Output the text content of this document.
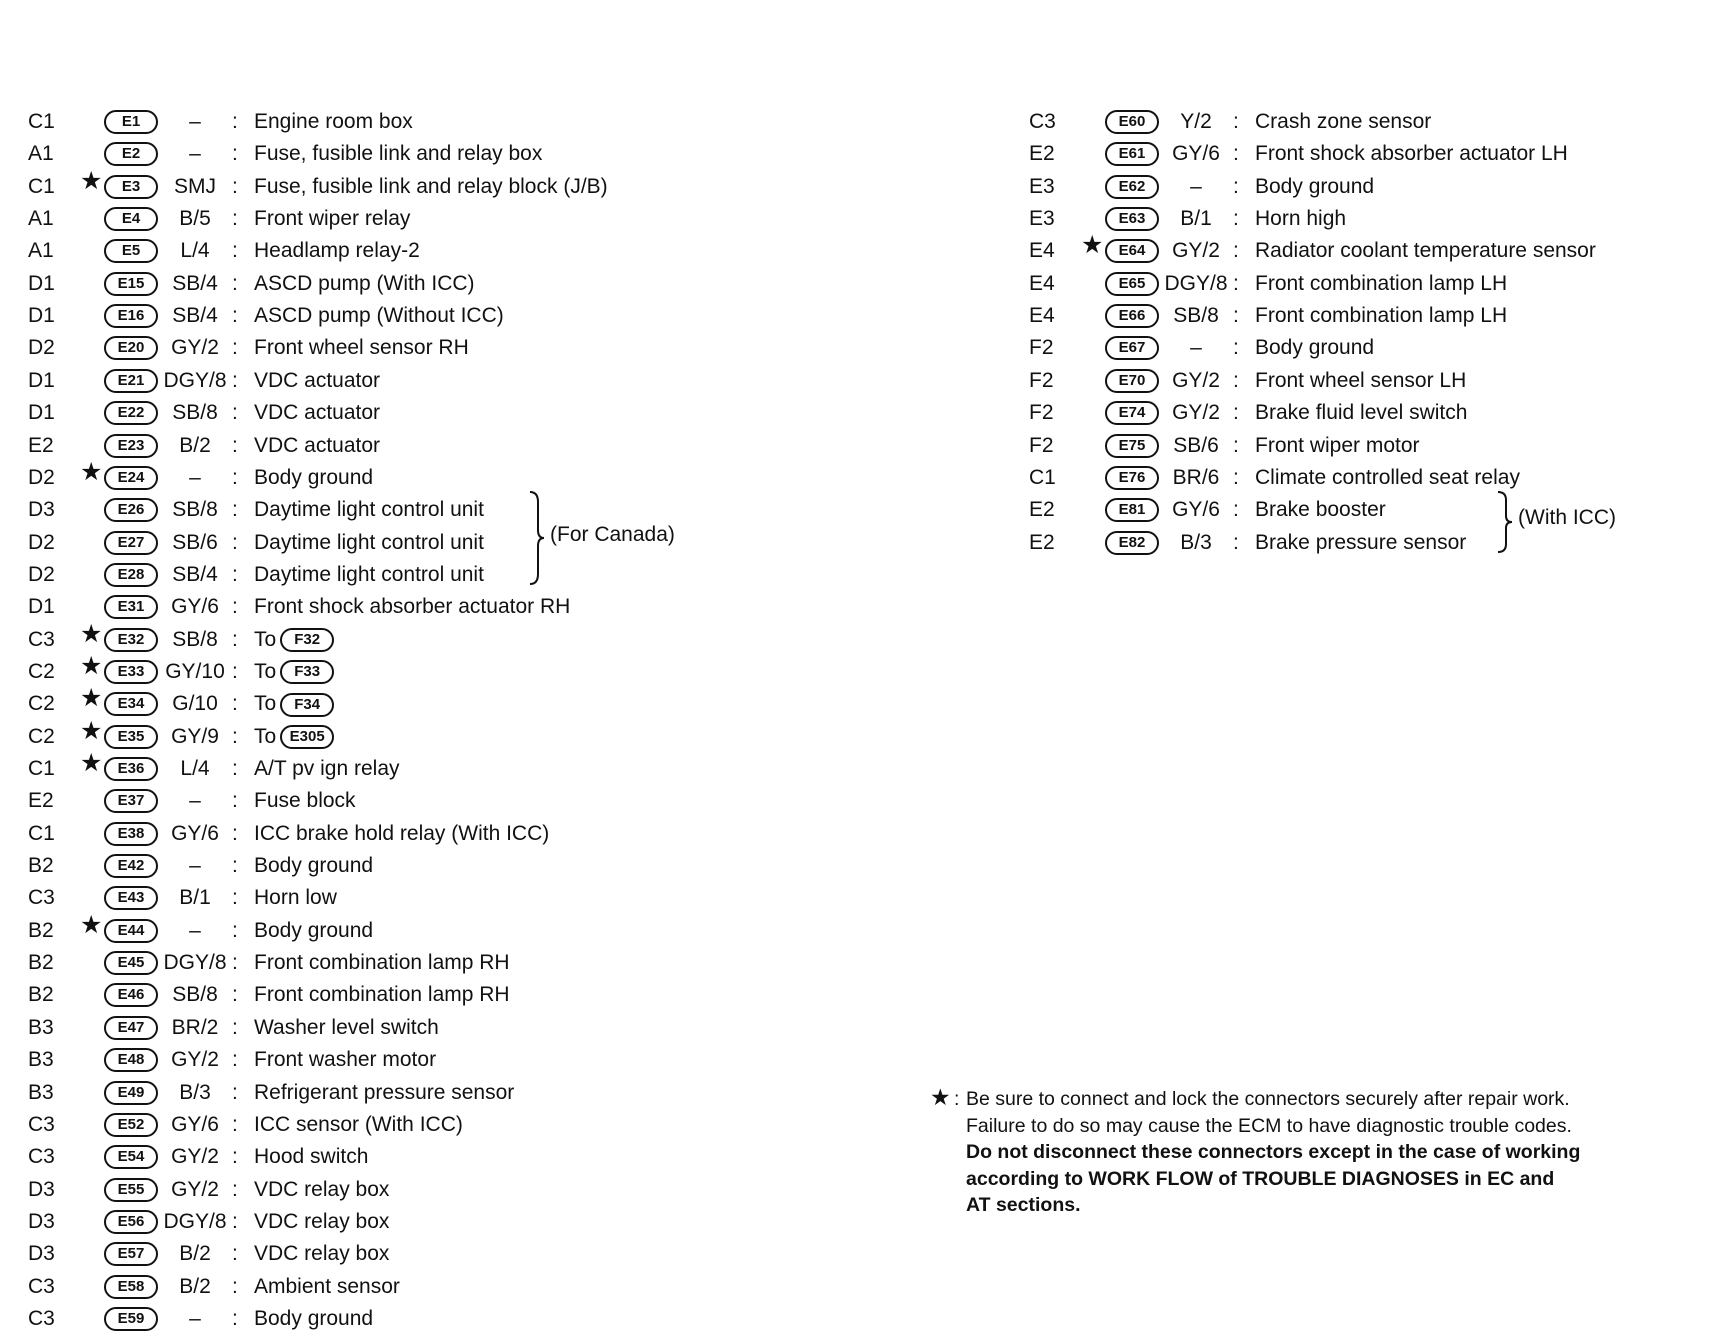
C1	E1	–	: Engine room box
A1	E2	–	: Fuse, fusible link and relay box
C1 ★	E3	SMJ : Fuse, fusible link and relay block (J/B)
A1	E4	B/5	: Front wiper relay
A1	E5	L/4	: Headlamp relay-2
D1	E15	SB/4 : ASCD pump (With ICC)
D1	E16	SB/4 : ASCD pump (Without ICC)
D2	E20	GY/2 : Front wheel sensor RH
D1	E21 DGY/8 : VDC actuator
D1	E22	SB/8 : VDC actuator
E2	E23	B/2	: VDC actuator
D2 ★	E24	–	: Body ground
D3	E26	SB/8 : Daytime light control unit
D2	E27	SB/6 : Daytime light control unit
D2	E28	SB/4 : Daytime light control unit
D1	E31	GY/6 : Front shock absorber actuator RH
C3 ★	E32	SB/8 : To F32
C2 ★	E33 GY/10 : To F33
C2 ★	E34	G/10 : To F34
C2 ★	E35	GY/9 : To E305
C1 ★	E36	L/4	: A/T pv ign relay
E2	E37	–	: Fuse block
C1	E38	GY/6 : ICC brake hold relay (With ICC)
B2	E42	–	: Body ground
C3	E43	B/1	: Horn low
B2 ★	E44	–	: Body ground
B2	E45 DGY/8 : Front combination lamp RH
B2	E46	SB/8 : Front combination lamp RH
B3	E47	BR/2 : Washer level switch
B3	E48	GY/2 : Front washer motor
B3	E49	B/3	: Refrigerant pressure sensor
C3	E52	GY/6 : ICC sensor (With ICC)
C3	E54	GY/2 : Hood switch
D3	E55	GY/2 : VDC relay box
D3	E56 DGY/8 : VDC relay box
D3	E57	B/2	: VDC relay box
C3	E58	B/2	: Ambient sensor
C3	E59	–	: Body ground
C3	E60	Y/2	: Crash zone sensor
E2	E61	GY/6 : Front shock absorber actuator LH
E3	E62	–	: Body ground
E3	E63	B/1	: Horn high
E4 ★	E64	GY/2 : Radiator coolant temperature sensor
E4	E65 DGY/8 : Front combination lamp LH
E4	E66	SB/8 : Front combination lamp LH
F2	E67	–	: Body ground
F2	E70	GY/2 : Front wheel sensor LH
F2	E74	GY/2 : Brake fluid level switch
F2	E75	SB/6 : Front wiper motor
C1	E76	BR/6 : Climate controlled seat relay
E2	E81	GY/6 : Brake booster
E2	E82	B/3	: Brake pressure sensor
(For Canada)
(With ICC)
★ : Be sure to connect and lock the connectors securely after repair work.
Failure to do so may cause the ECM to have diagnostic trouble codes.
Do not disconnect these connectors except in the case of working
according to WORK FLOW of TROUBLE DIAGNOSES in EC and
AT sections.
